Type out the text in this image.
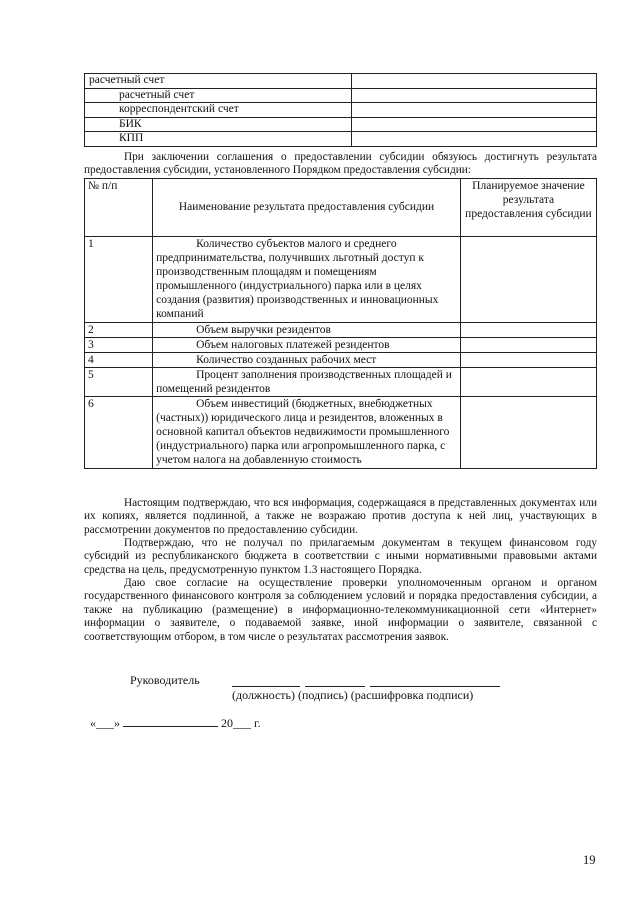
расчетный счет	
расчетный счет	
корреспондентский счет	
БИК	
КПП	
При заключении соглашения о предоставлении субсидии обязуюсь достигнуть результата предоставления субсидии, установленного Порядком предоставления субсидии:
№ п/п	Наименование результата предоставления субсидии	Планируемое значение результата предоставления субсидии
1	Количество субъектов малого и среднего предпринимательства, получивших льготный доступ к производственным площадям и помещениям промышленного (индустриального) парка или в целях создания (развития) производственных и инновационных компаний	
2	Объем выручки резидентов	
3	Объем налоговых платежей резидентов	
4	Количество созданных рабочих мест	
5	Процент заполнения производственных площадей и помещений резидентов	
6	Объем инвестиций (бюджетных, внебюджетных (частных)) юридического лица и резидентов, вложенных в основной капитал объектов недвижимости промышленного (индустриального) парка или агропромышленного парка, с учетом налога на добавленную стоимость	
Настоящим подтверждаю, что вся информация, содержащаяся в представленных документах или их копиях, является подлинной, а также не возражаю против доступа к ней лиц, участвующих в рассмотрении документов по предоставлению субсидии.
Подтверждаю, что не получал по прилагаемым документам в текущем финансовом году субсидий из республиканского бюджета в соответствии с иными нормативными правовыми актами средства на цель, предусмотренную пунктом 1.3 настоящего Порядка.
Даю свое согласие на осуществление проверки уполномоченным органом и органом государственного финансового контроля за соблюдением условий и порядка предоставления субсидии, а также на публикацию (размещение) в информационно-телекоммуникационной сети «Интернет» информации о заявителе, о подаваемой заявке, иной информации о заявителе, связанной с соответствующим отбором, в том числе о результатах рассмотрения заявок.
Руководитель
(должность) (подпись) (расшифровка подписи)
«___»	20___ г.
19
